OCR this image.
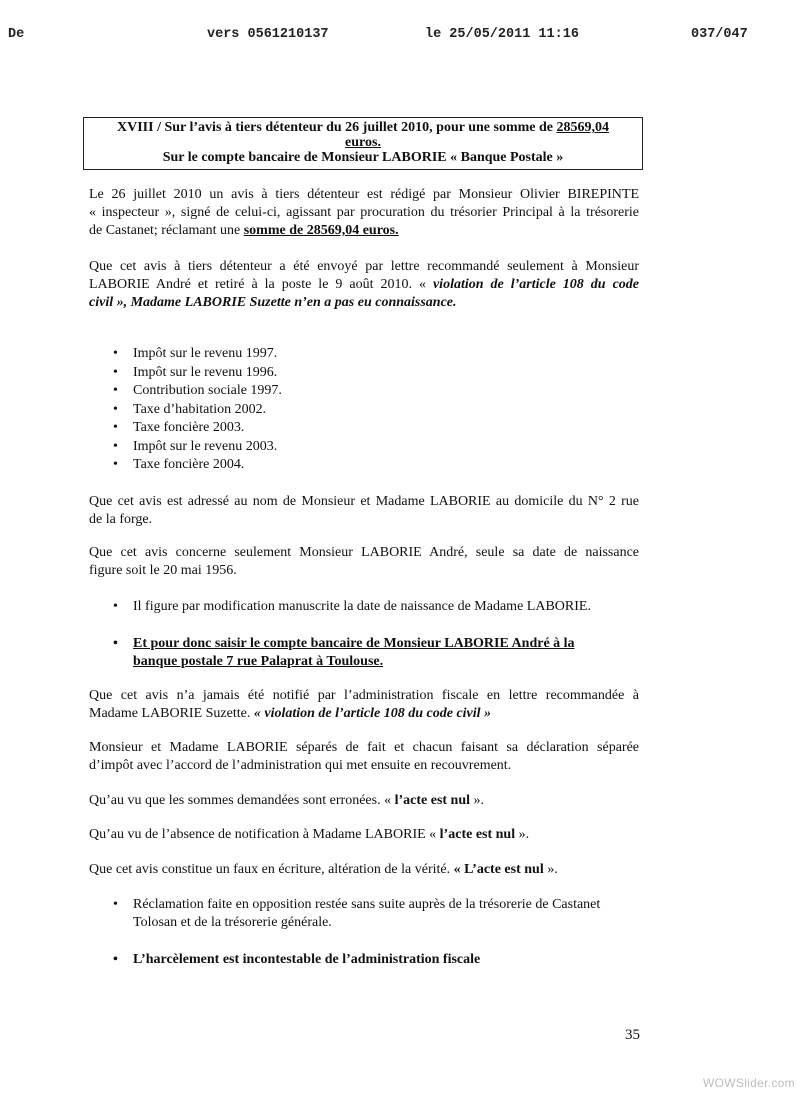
De	vers 0561210137	le 25/05/2011 11:16	037/047
XVIII / Sur l’avis à tiers détenteur du 26 juillet 2010, pour une somme de 28569,04
euros.
Sur le compte bancaire de Monsieur LABORIE « Banque Postale »
Le 26 juillet 2010 un avis à tiers détenteur est rédigé par Monsieur Olivier BIREPINTE
« inspecteur », signé de celui-ci, agissant par procuration du trésorier Principal à la trésorerie
de Castanet; réclamant une somme de 28569,04 euros.
Que cet avis à tiers détenteur a été envoyé par lettre recommandé seulement à Monsieur
LABORIE André et retiré à la poste le 9 août 2010. « violation de l’article 108 du code
civil », Madame LABORIE Suzette n’en a pas eu connaissance.
• Impôt sur le revenu 1997.
• Impôt sur le revenu 1996.
• Contribution sociale 1997.
• Taxe d’habitation 2002.
• Taxe foncière 2003.
• Impôt sur le revenu 2003.
• Taxe foncière 2004.
Que cet avis est adressé au nom de Monsieur et Madame LABORIE au domicile du N° 2 rue
de la forge.
Que cet avis concerne seulement Monsieur LABORIE André, seule sa date de naissance
figure soit le 20 mai 1956.
• Il figure par modification manuscrite la date de naissance de Madame LABORIE.
• Et pour donc saisir le compte bancaire de Monsieur LABORIE André à la
banque postale 7 rue Palaprat à Toulouse.
Que cet avis n’a jamais été notifié par l’administration fiscale en lettre recommandée à
Madame LABORIE Suzette. « violation de l’article 108 du code civil »
Monsieur et Madame LABORIE séparés de fait et chacun faisant sa déclaration séparée
d’impôt avec l’accord de l’administration qui met ensuite en recouvrement.
Qu’au vu que les sommes demandées sont erronées. « l’acte est nul ».
Qu’au vu de l’absence de notification à Madame LABORIE « l’acte est nul ».
Que cet avis constitue un faux en écriture, altération de la vérité. « L’acte est nul ».
• Réclamation faite en opposition restée sans suite auprès de la trésorerie de Castanet
Tolosan et de la trésorerie générale.
• L’harcèlement est incontestable de l’administration fiscale
35
WOWSlider.com
